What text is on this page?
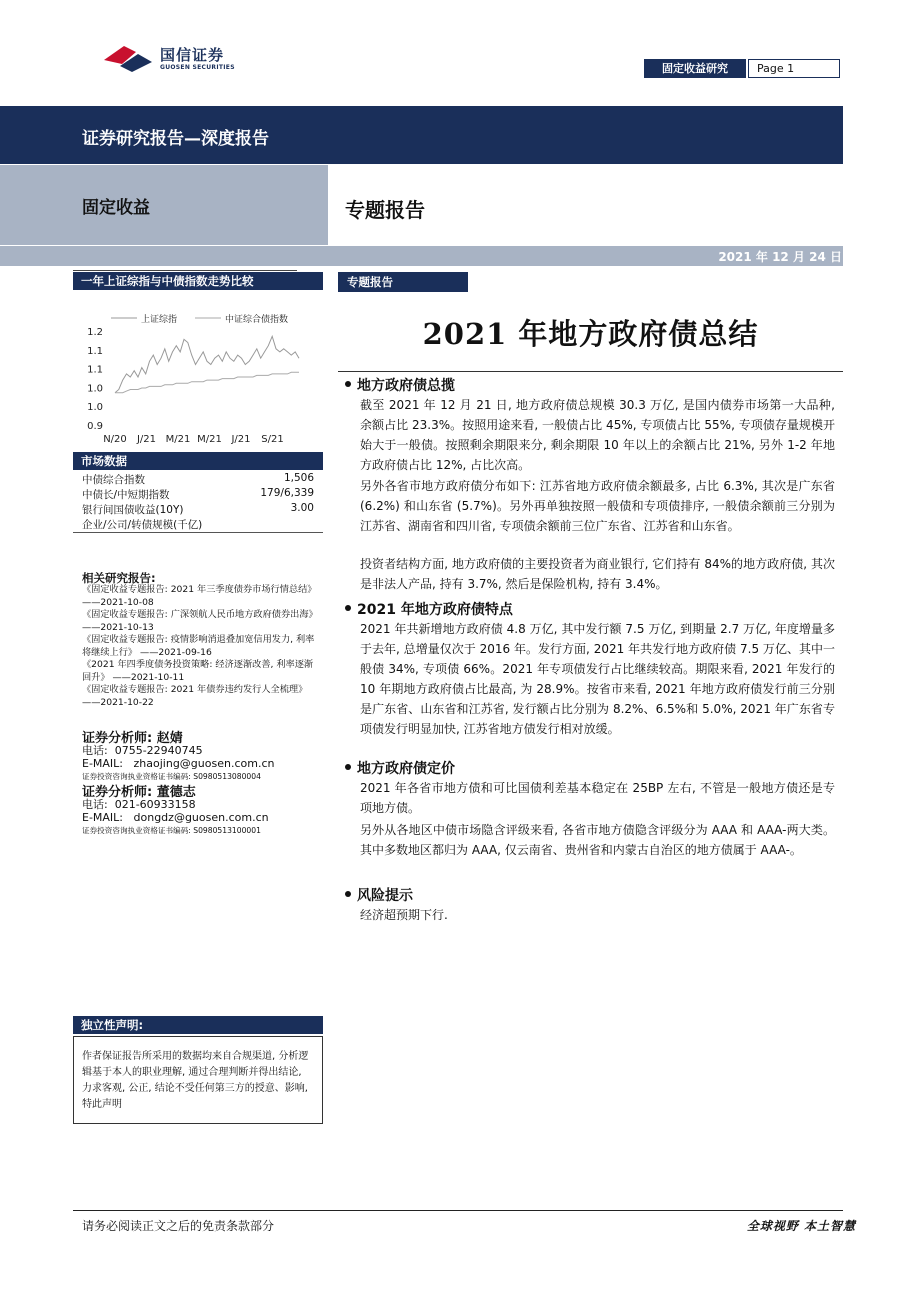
国信证券
GUOSEN SECURITIES	固定收益研究	Page 1
证券研究报告—深度报告
固定收益	专题报告
2021 年 12 月 24 日
一年上证综指与中债指数走势比较
上证综指	中证综合债指数
1.2
1.1
1.1
1.0
1.0
0.9
N/20 J/21 M/21 M/21 J/21 S/21
市场数据
中债综合指数	1,506
中债长/中短期指数	179/6,339
银行间国债收益(10Y)	3.00
企业/公司/转债规模(千亿)
相关研究报告:
《固定收益专题报告: 2021 年三季度债券市场行情总结》 ——2021-10-08
《固定收益专题报告: 广深领航人民币地方政府债券出海》 ——2021-10-13
《固定收益专题报告: 疫情影响消退叠加宽信用发力, 利率将继续上行》 ——2021-09-16
《2021 年四季度债务投资策略: 经济逐渐改善, 利率逐渐回升》 ——2021-10-11
《固定收益专题报告: 2021 年债券违约发行人全梳理》 ——2021-10-22
证券分析师: 赵婧
电话: 0755-22940745
E-MAIL: zhaojing@guosen.com.cn
证券投资咨询执业资格证书编码: S0980513080004
证券分析师: 董德志
电话: 021-60933158
E-MAIL: dongdz@guosen.com.cn
证券投资咨询执业资格证书编码: S0980513100001
独立性声明:
作者保证报告所采用的数据均来自合规渠道, 分析逻辑基于本人的职业理解, 通过合理判断并得出结论, 力求客观, 公正, 结论不受任何第三方的授意、影响, 特此声明
专题报告
2021 年地方政府债总结
地方政府债总揽
截至 2021 年 12 月 21 日, 地方政府债总规模 30.3 万亿, 是国内债券市场第一大品种, 余额占比 23.3%。按照用途来看, 一般债占比 45%, 专项债占比 55%, 专项债存量规模开始大于一般债。按照剩余期限来分, 剩余期限 10 年以上的余额占比 21%, 另外 1-2 年地方政府债占比 12%, 占比次高。
另外各省市地方政府债分布如下: 江苏省地方政府债余额最多, 占比 6.3%, 其次是广东省 (6.2%) 和山东省 (5.7%)。另外再单独按照一般债和专项债排序, 一般债余额前三分别为江苏省、湖南省和四川省, 专项债余额前三位广东省、江苏省和山东省。
投资者结构方面, 地方政府债的主要投资者为商业银行, 它们持有 84%的地方政府债, 其次是非法人产品, 持有 3.7%, 然后是保险机构, 持有 3.4%。
2021 年地方政府债特点
2021 年共新增地方政府债 4.8 万亿, 其中发行额 7.5 万亿, 到期量 2.7 万亿, 年度增量多于去年, 总增量仅次于 2016 年。发行方面, 2021 年共发行地方政府债 7.5 万亿、其中一般债 34%, 专项债 66%。2021 年专项债发行占比继续较高。期限来看, 2021 年发行的 10 年期地方政府债占比最高, 为 28.9%。按省市来看, 2021 年地方政府债发行前三分别是广东省、山东省和江苏省, 发行额占比分别为 8.2%、6.5%和 5.0%, 2021 年广东省专项债发行明显加快, 江苏省地方债发行相对放缓。
地方政府债定价
2021 年各省市地方债和可比国债利差基本稳定在 25BP 左右, 不管是一般地方债还是专项地方债。
另外从各地区中债市场隐含评级来看, 各省市地方债隐含评级分为 AAA 和 AAA-两大类。其中多数地区都归为 AAA, 仅云南省、贵州省和内蒙古自治区的地方债属于 AAA-。
风险提示
经济超预期下行.
请务必阅读正文之后的免责条款部分	全球视野 本土智慧
